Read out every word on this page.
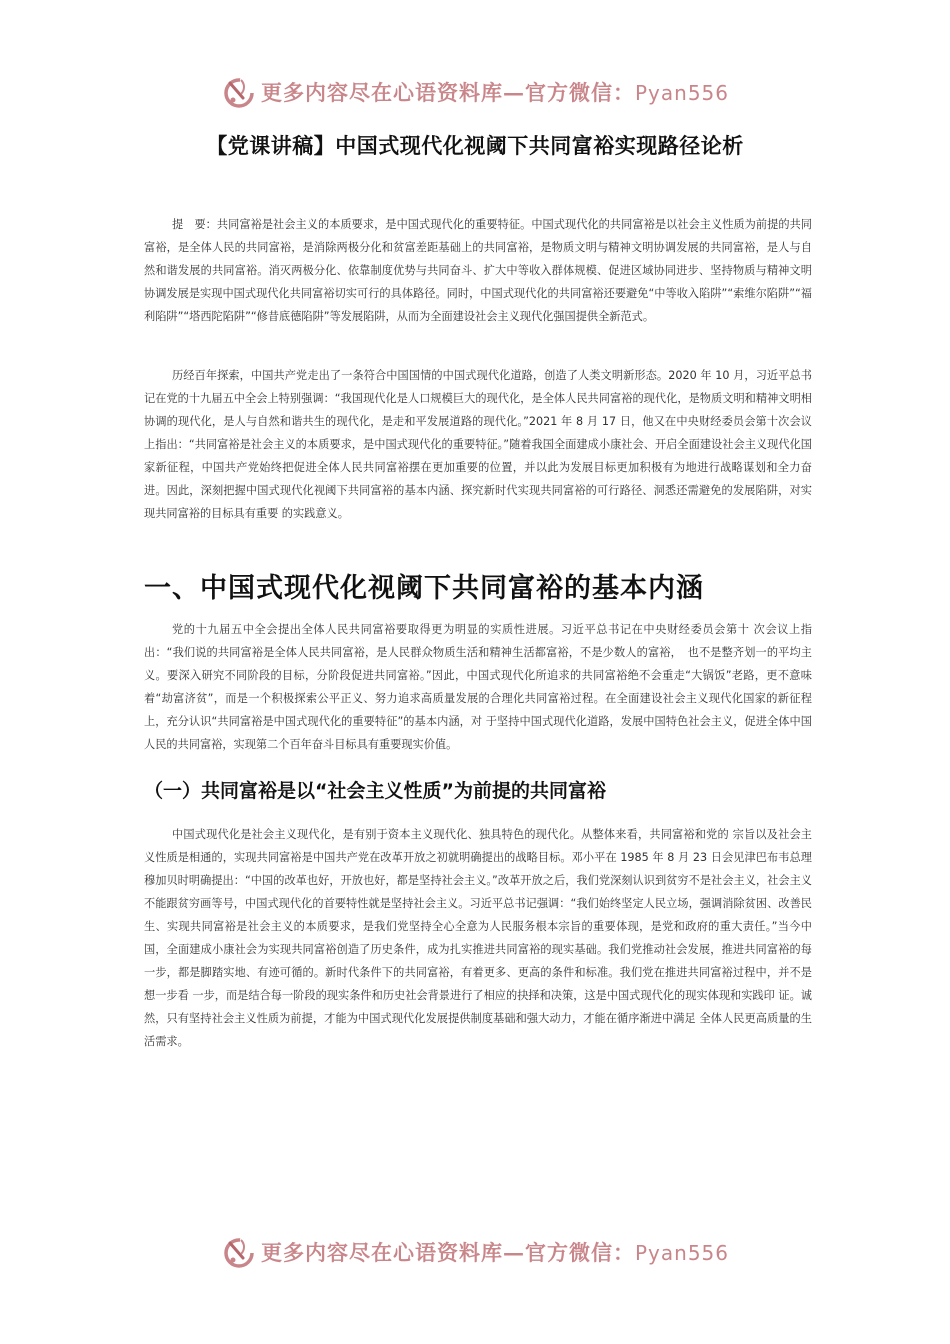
更多内容尽在心语资料库—官方微信：Pyan556
【党课讲稿】中国式现代化视阈下共同富裕实现路径论析

提　要：共同富裕是社会主义的本质要求，是中国式现代化的重要特征。中国式现代化的共同富裕是以社会主义性质为前提的共同富裕，是全体人民的共同富裕，是消除两极分化和贫富差距基础上的共同富裕，是物质文明与精神文明协调发展的共同富裕，是人与自然和谐发展的共同富裕。消灭两极分化、依靠制度优势与共同奋斗、扩大中等收入群体规模、促进区域协同进步、坚持物质与精神文明协调发展是实现中国式现代化共同富裕切实可行的具体路径。同时，中国式现代化的共同富裕还要避免“中等收入陷阱”“索维尔陷阱”“福利陷阱”“塔西陀陷阱”“修昔底德陷阱”等发展陷阱，从而为全面建设社会主义现代化强国提供全新范式。

历经百年探索，中国共产党走出了一条符合中国国情的中国式现代化道路，创造了人类文明新形态。2020 年 10 月，习近平总书记在党的十九届五中全会上特别强调：“我国现代化是人口规模巨大的现代化，是全体人民共同富裕的现代化，是物质文明和精神文明相协调的现代化，是人与自然和谐共生的现代化，是走和平发展道路的现代化。”2021 年 8 月 17 日，他又在中央财经委员会第十次会议上指出：“共同富裕是社会主义的本质要求，是中国式现代化的重要特征。”随着我国全面建成小康社会、开启全面建设社会主义现代化国家新征程，中国共产党始终把促进全体人民共同富裕摆在更加重要的位置，并以此为发展目标更加积极有为地进行战略谋划和全力奋进。因此，深刻把握中国式现代化视阈下共同富裕的基本内涵、探究新时代实现共同富裕的可行路径、洞悉还需避免的发展陷阱，对实现共同富裕的目标具有重要 的实践意义。

一、中国式现代化视阈下共同富裕的基本内涵

党的十九届五中全会提出全体人民共同富裕要取得更为明显的实质性进展。习近平总书记在中央财经委员会第十 次会议上指出：“我们说的共同富裕是全体人民共同富裕，是人民群众物质生活和精神生活都富裕，不是少数人的富裕，　也不是整齐划一的平均主义。要深入研究不同阶段的目标，分阶段促进共同富裕。”因此，中国式现代化所追求的共同富裕绝不会重走“大锅饭”老路，更不意味着“劫富济贫”，而是一个积极探索公平正义、努力追求高质量发展的合理化共同富裕过程。在全面建设社会主义现代化国家的新征程上，充分认识“共同富裕是中国式现代化的重要特征”的基本内涵，对 于坚持中国式现代化道路，发展中国特色社会主义，促进全体中国人民的共同富裕，实现第二个百年奋斗目标具有重要现实价值。

（一）共同富裕是以“社会主义性质”为前提的共同富裕

中国式现代化是社会主义现代化，是有别于资本主义现代化、独具特色的现代化。从整体来看，共同富裕和党的 宗旨以及社会主义性质是相通的，实现共同富裕是中国共产党在改革开放之初就明确提出的战略目标。邓小平在 1985 年 8 月 23 日会见津巴布韦总理穆加贝时明确提出：“中国的改革也好，开放也好，都是坚持社会主义。”改革开放之后，我们党深刻认识到贫穷不是社会主义，社会主义不能跟贫穷画等号，中国式现代化的首要特性就是坚持社会主义。习近平总书记强调：“我们始终坚定人民立场，强调消除贫困、改善民生、实现共同富裕是社会主义的本质要求，是我们党坚持全心全意为人民服务根本宗旨的重要体现，是党和政府的重大责任。”当今中国，全面建成小康社会为实现共同富裕创造了历史条件，成为扎实推进共同富裕的现实基础。我们党推动社会发展，推进共同富裕的每一步，都是脚踏实地、有迹可循的。新时代条件下的共同富裕，有着更多、更高的条件和标准。我们党在推进共同富裕过程中，并不是想一步看 一步，而是结合每一阶段的现实条件和历史社会背景进行了相应的抉择和决策，这是中国式现代化的现实体现和实践印 证。诚然，只有坚持社会主义性质为前提，才能为中国式现代化发展提供制度基础和强大动力，才能在循序渐进中满足 全体人民更高质量的生活需求。

更多内容尽在心语资料库—官方微信：Pyan556
